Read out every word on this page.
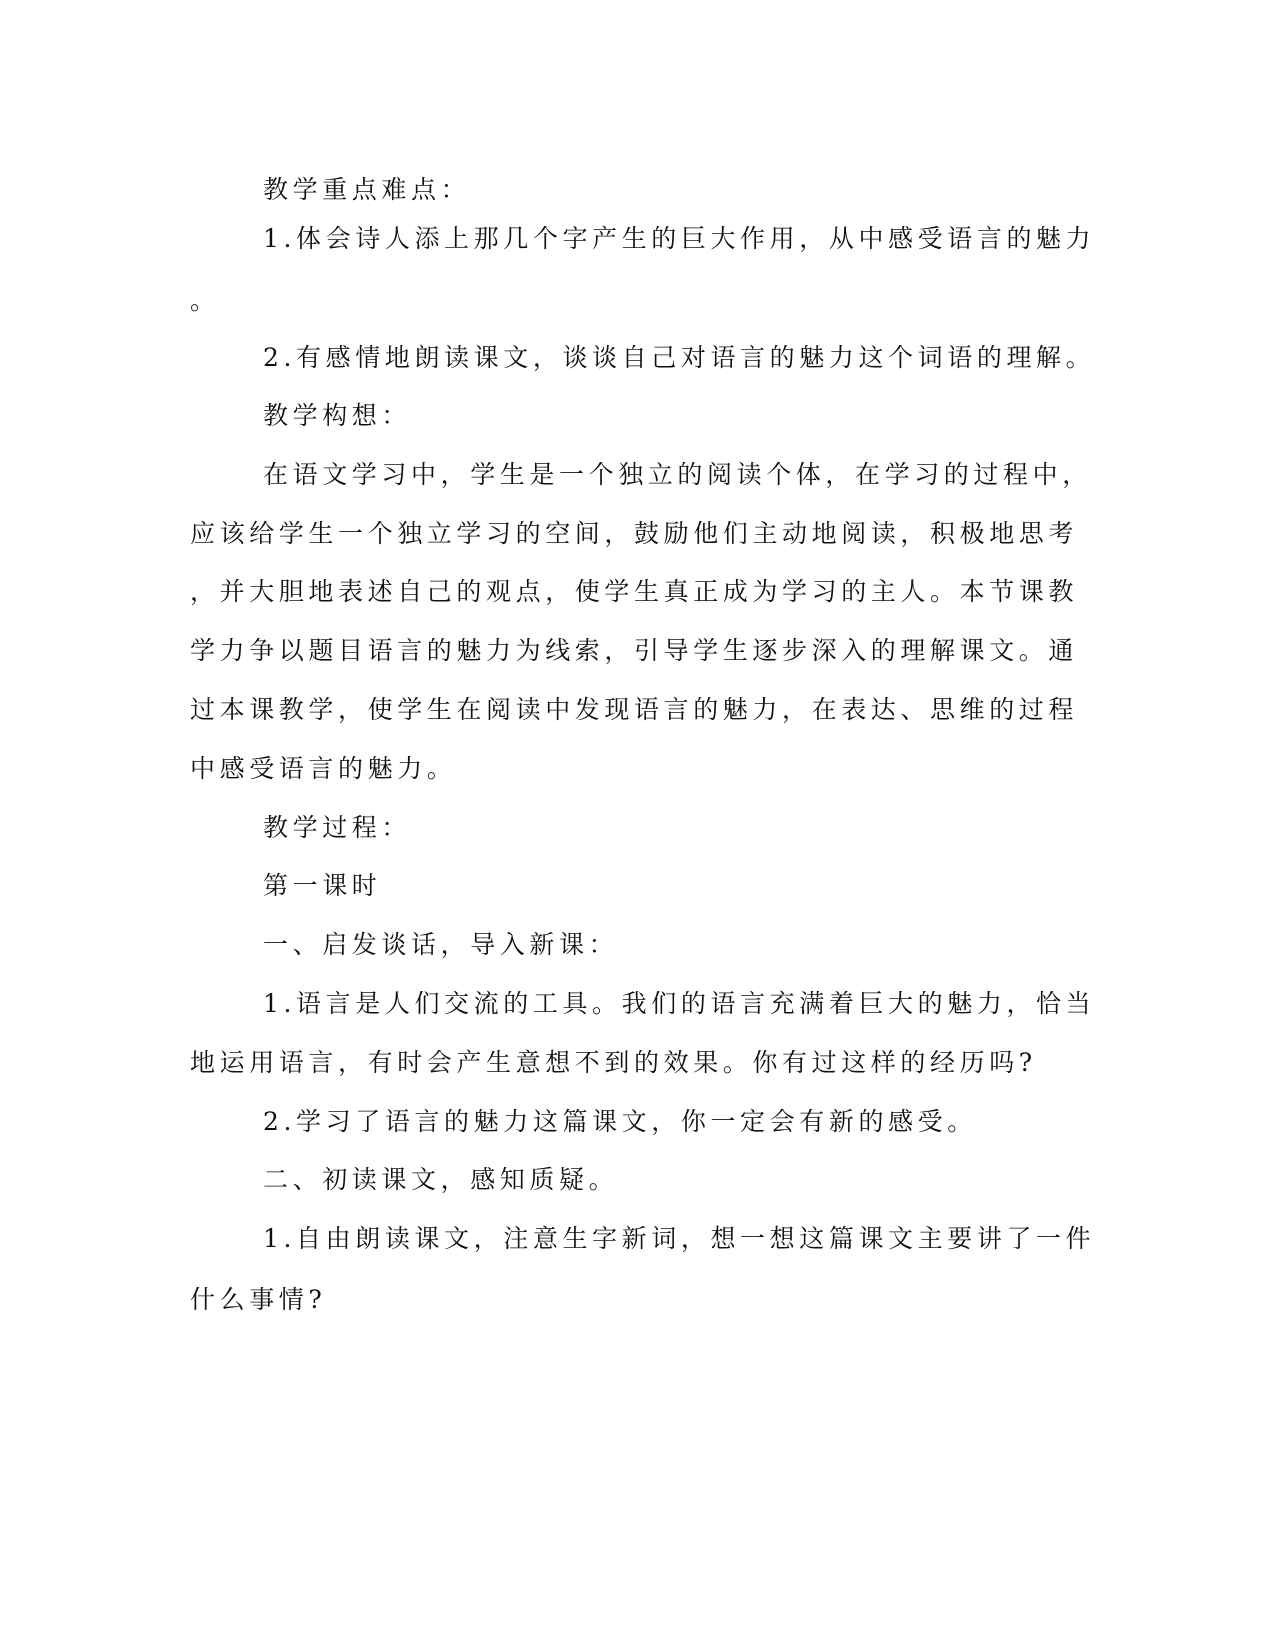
教学重点难点：
1.体会诗人添上那几个字产生的巨大作用，从中感受语言的魅力
。
2.有感情地朗读课文，谈谈自己对语言的魅力这个词语的理解。
教学构想：
在语文学习中，学生是一个独立的阅读个体，在学习的过程中，
应该给学生一个独立学习的空间，鼓励他们主动地阅读，积极地思考
，并大胆地表述自己的观点，使学生真正成为学习的主人。本节课教
学力争以题目语言的魅力为线索，引导学生逐步深入的理解课文。通
过本课教学，使学生在阅读中发现语言的魅力，在表达、思维的过程
中感受语言的魅力。
教学过程：
第一课时
一、启发谈话，导入新课：
1.语言是人们交流的工具。我们的语言充满着巨大的魅力，恰当
地运用语言，有时会产生意想不到的效果。你有过这样的经历吗?
2.学习了语言的魅力这篇课文，你一定会有新的感受。
二、初读课文，感知质疑。
1.自由朗读课文，注意生字新词，想一想这篇课文主要讲了一件
什么事情?
